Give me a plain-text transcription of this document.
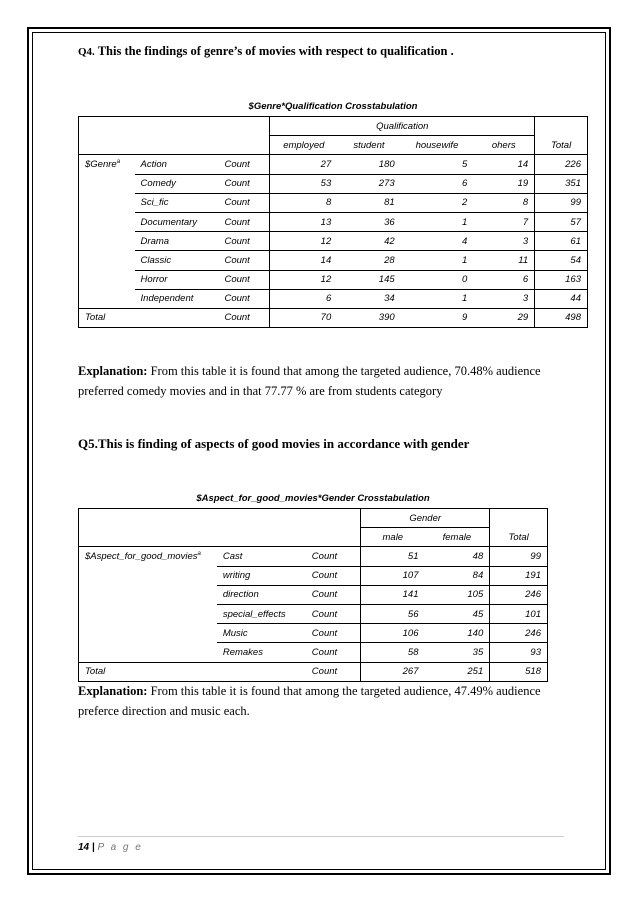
Q4. This the findings of genre’s of movies with respect to qualification .
$Genre*Qualification Crosstabulation
			Qualification				
			employed	student	housewife	ohers	Total
$Genre$^a$	Action	Count	27	180	5	14	226
	Comedy	Count	53	273	6	19	351
	Sci_fic	Count	8	81	2	8	99
	Documentary	Count	13	36	1	7	57
	Drama	Count	12	42	4	3	61
	Classic	Count	14	28	1	11	54
	Horror	Count	12	145	0	6	163
	Independent	Count	6	34	1	3	44
Total		Count	70	390	9	29	498
Explanation: From this table it is found that among the targeted audience, 70.48% audience preferred comedy movies and in that 77.77 % are from students category
Q5.This is finding of aspects of good movies in accordance with gender
$Aspect_for_good_movies*Gender Crosstabulation
			Gender		
			male	female	Total
$Aspect_for_good_movies$^a$	Cast	Count	51	48	99
	writing	Count	107	84	191
	direction	Count	141	105	246
	special_effects	Count	56	45	101
	Music	Count	106	140	246
	Remakes	Count	58	35	93
Total		Count	267	251	518
Explanation: From this table it is found that among the targeted audience, 47.49% audience preferce direction and music each.
14 | P a g e
